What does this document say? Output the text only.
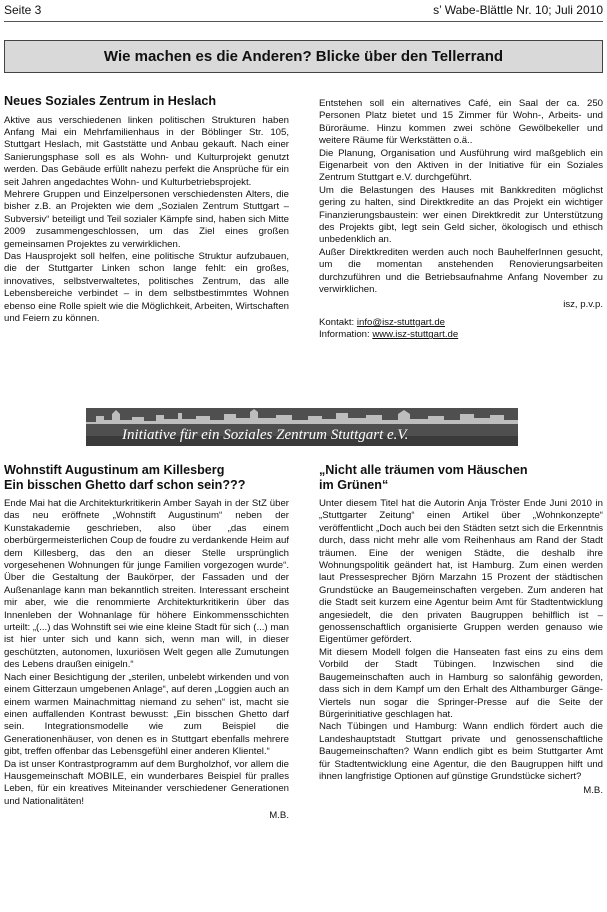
Seite 3	s’ Wabe-Blättle Nr. 10; Juli 2010
Wie machen es die Anderen? Blicke über den Tellerrand
Neues Soziales Zentrum in Heslach

Aktive aus verschiedenen linken politischen Strukturen haben Anfang Mai ein Mehrfamilienhaus in der Böblinger Str. 105, Stuttgart Heslach, mit Gaststätte und Anbau gekauft. Nach einer Sanierungsphase soll es als Wohn- und Kulturprojekt genutzt werden. Das Gebäude erfüllt nahezu perfekt die Ansprüche für ein seit Jahren angedachtes Wohn- und Kulturbetriebsprojekt.

Mehrere Gruppen und Einzelpersonen verschiedensten Alters, die bisher z.B. an Projekten wie dem „Sozialen Zentrum Stuttgart – Subversiv“ beteiligt und Teil sozialer Kämpfe sind, haben sich Mitte 2009 zusammengeschlossen, um das Ziel eines großen gemeinsamen Projektes zu verwirklichen.

Das Hausprojekt soll helfen, eine politische Struktur aufzubauen, die der Stuttgarter Linken schon lange fehlt: ein großes, innovatives, selbstverwaltetes, politisches Zentrum, das alle Lebensbereiche verbindet – in dem selbstbestimmtes Wohnen ebenso eine Rolle spielt wie die Möglichkeit, Arbeiten, Wirtschaften und Feiern zu können.

Entstehen soll ein alternatives Café, ein Saal der ca. 250 Personen Platz bietet und 15 Zimmer für Wohn-, Arbeits- und Büroräume. Hinzu kommen zwei schöne Gewölbekeller und weitere Räume für Werkstätten o.ä..

Die Planung, Organisation und Ausführung wird maßgeblich ein Eigenarbeit von den Aktiven in der Initiative für ein Soziales Zentrum Stuttgart e.V. durchgeführt.

Um die Belastungen des Hauses mit Bankkrediten möglichst gering zu halten, sind Direktkredite an das Projekt ein wichtiger Finanzierungsbaustein: wer einen Direktkredit zur Unterstützung des Projekts gibt, legt sein Geld sicher, ökologisch und ethisch unbedenklich an.

Außer Direktkrediten werden auch noch BauhelferInnen gesucht, um die momentan anstehenden Renovierungsarbeiten durchzuführen und die Betriebsaufnahme Anfang November zu verwirklichen.

isz, p.v.p.
Kontakt: info@isz-stuttgart.de
Information: www.isz-stuttgart.de
Initiative für ein Soziales Zentrum Stuttgart e.V.
Wohnstift Augustinum am Killesberg
Ein bisschen Ghetto darf schon sein???

Ende Mai hat die Architekturkritikerin Amber Sayah in der StZ über das neu eröffnete „Wohnstift Augustinum“ neben der Kunstakademie geschrieben, also über „das einem oberbürgermeisterlichen Coup de foudre zu verdankende Heim auf dem Killesberg, das den an dieser Stelle ursprünglich vorgesehenen Wohnungen für junge Familien vorgezogen wurde“. Über die Gestaltung der Baukörper, der Fassaden und der Außenanlage kann man bekanntlich streiten. Interessant erscheint mir aber, wie die renommierte Architekturkritikerin über das Innenleben der Wohnanlage für höhere Einkommensschichten urteilt: „(...) das Wohnstift sei wie eine kleine Stadt für sich (...) man ist hier unter sich und kann sich, wenn man will, in dieser geschützten, autonomen, luxuriösen Welt gegen alle Zumutungen des Lebens draußen einigeln.“

Nach einer Besichtigung der „sterilen, unbelebt wirkenden und von einem Gitterzaun umgebenen Anlage“, auf deren „Loggien auch an einem warmen Mainachmittag niemand zu sehen“ ist, macht sie einen auffallenden Kontrast bewusst: „Ein bisschen Ghetto darf sein. Integrationsmodelle wie zum Beispiel die Generationenhäuser, von denen es in Stuttgart ebenfalls mehrere gibt, treffen offenbar das Lebensgefühl einer anderen Klientel.“

Da ist unser Kontrastprogramm auf dem Burgholzhof, vor allem die Hausgemeinschaft MOBILE, ein wunderbares Beispiel für pralles Leben, für ein kreatives Miteinander verschiedener Generationen und Nationalitäten!

M.B.
„Nicht alle träumen vom Häuschen
im Grünen“

Unter diesem Titel hat die Autorin Anja Tröster Ende Juni 2010 in „Stuttgarter Zeitung“ einen Artikel über „Wohnkonzepte“ veröffentlicht „Doch auch bei den Städten setzt sich die Erkenntnis durch, dass nicht mehr alle vom Reihenhaus am Rand der Stadt träumen. Eine der wenigen Städte, die deshalb ihre Wohnungspolitik geändert hat, ist Hamburg. Zum einen werden laut Pressesprecher Björn Marzahn 15 Prozent der städtischen Grundstücke an Baugemeinschaften vergeben. Zum anderen hat die Stadt seit kurzem eine Agentur beim Amt für Stadtentwicklung angesiedelt, die den privaten Baugruppen behilflich ist – genossenschaftlich organisierte Gruppen werden genauso wie Eigentümer gefördert.

Mit diesem Modell folgen die Hanseaten fast eins zu eins dem Vorbild der Stadt Tübingen. Inzwischen sind die Baugemeinschaften auch in Hamburg so salonfähig geworden, dass sich in dem Kampf um den Erhalt des Althamburger Gänge-Viertels nun sogar die Springer-Presse auf die Seite der Bürgerinitiative geschlagen hat.

Nach Tübingen und Hamburg: Wann endlich fördert auch die Landeshauptstadt Stuttgart private und genossenschaftliche Baugemeinschaften? Wann endlich gibt es beim Stuttgarter Amt für Stadtentwicklung eine Agentur, die den Baugruppen hilft und ihnen langfristige Optionen auf günstige Grundstücke sichert?

M.B.
